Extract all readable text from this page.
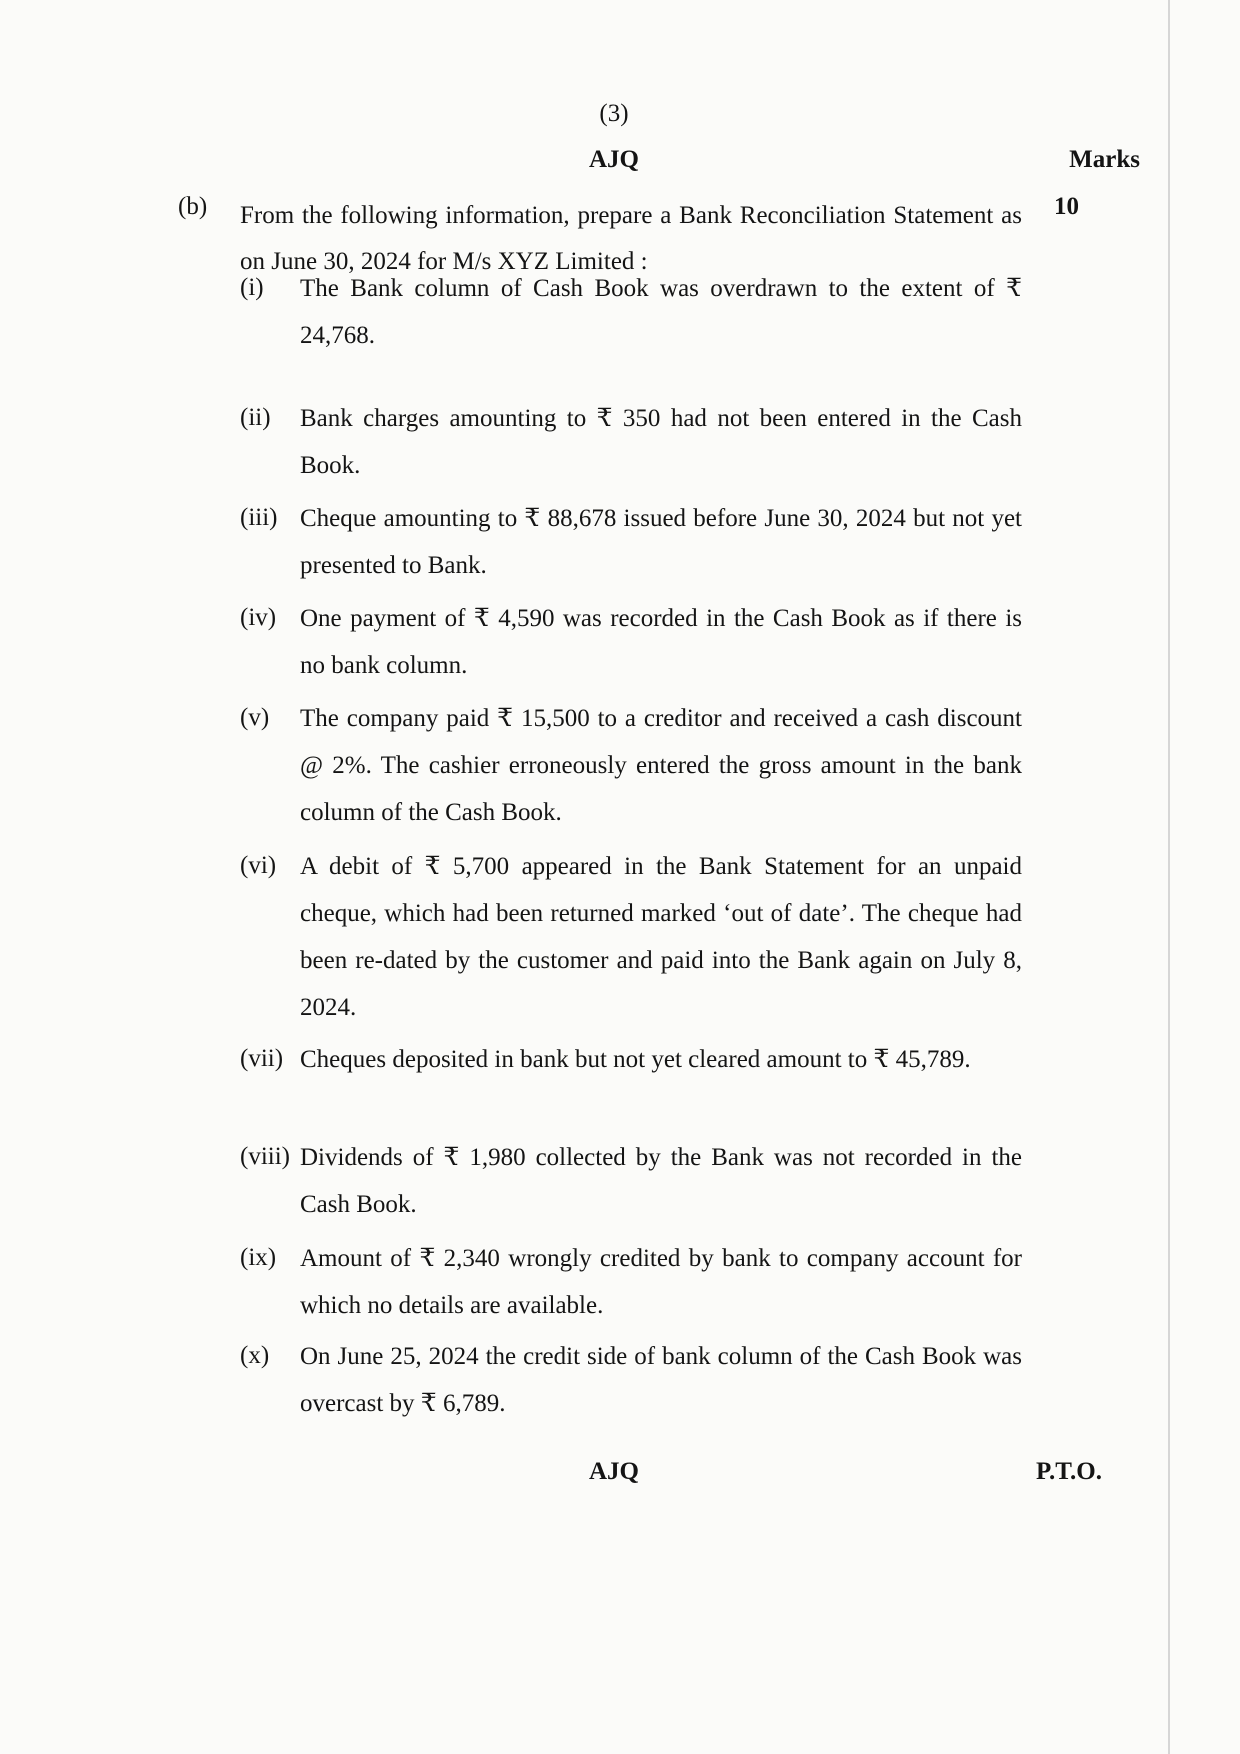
(3)
AJQ	Marks
(b)	10
From the following information, prepare a Bank Reconciliation Statement as on June 30, 2024 for M/s XYZ Limited :
(i) The Bank column of Cash Book was overdrawn to the extent of ₹ 24,768.
(ii) Bank charges amounting to ₹ 350 had not been entered in the Cash Book.
(iii) Cheque amounting to ₹ 88,678 issued before June 30, 2024 but not yet presented to Bank.
(iv) One payment of ₹ 4,590 was recorded in the Cash Book as if there is no bank column.
(v) The company paid ₹ 15,500 to a creditor and received a cash discount @ 2%. The cashier erroneously entered the gross amount in the bank column of the Cash Book.
(vi) A debit of ₹ 5,700 appeared in the Bank Statement for an unpaid cheque, which had been returned marked ‘out of date’. The cheque had been re-dated by the customer and paid into the Bank again on July 8, 2024.
(vii) Cheques deposited in bank but not yet cleared amount to ₹ 45,789.
(viii) Dividends of ₹ 1,980 collected by the Bank was not recorded in the Cash Book.
(ix) Amount of ₹ 2,340 wrongly credited by bank to company account for which no details are available.
(x) On June 25, 2024 the credit side of bank column of the Cash Book was overcast by ₹ 6,789.
AJQ	P.T.O.
